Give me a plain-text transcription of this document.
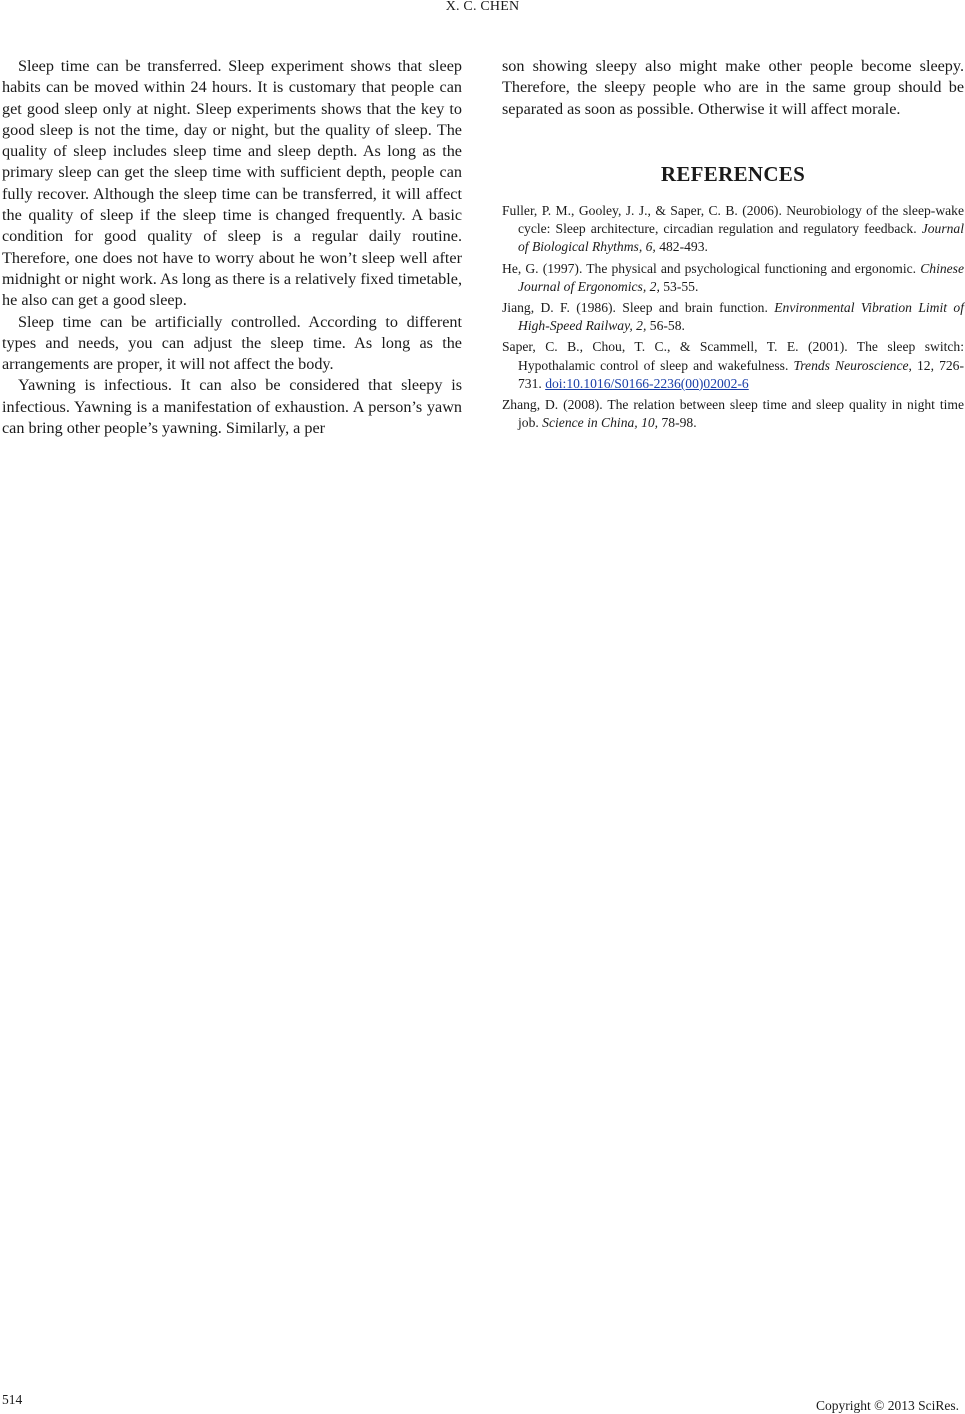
X. C. CHEN

Sleep time can be transferred. Sleep experiment shows that sleep habits can be moved within 24 hours. It is customary that people can get good sleep only at night. Sleep experiments shows that the key to good sleep is not the time, day or night, but the quality of sleep. The quality of sleep includes sleep time and sleep depth. As long as the primary sleep can get the sleep time with sufficient depth, people can fully recover. Although the sleep time can be transferred, it will affect the quality of sleep if the sleep time is changed frequently. A basic condition for good quality of sleep is a regular daily routine. Therefore, one does not have to worry about he won’t sleep well after midnight or night work. As long as there is a relatively fixed timetable, he also can get a good sleep.

Sleep time can be artificially controlled. According to different types and needs, you can adjust the sleep time. As long as the arrangements are proper, it will not affect the body.

Yawning is infectious. It can also be considered that sleepy is infectious. Yawning is a manifestation of exhaustion. A person’s yawn can bring other people’s yawning. Similarly, a per

son showing sleepy also might make other people become sleepy. Therefore, the sleepy people who are in the same group should be separated as soon as possible. Otherwise it will affect morale.

REFERENCES

Fuller, P. M., Gooley, J. J., & Saper, C. B. (2006). Neurobiology of the sleep-wake cycle: Sleep architecture, circadian regulation and regulatory feedback. Journal of Biological Rhythms, 6, 482-493.

He, G. (1997). The physical and psychological functioning and ergonomic. Chinese Journal of Ergonomics, 2, 53-55.

Jiang, D. F. (1986). Sleep and brain function. Environmental Vibration Limit of High-Speed Railway, 2, 56-58.

Saper, C. B., Chou, T. C., & Scammell, T. E. (2001). The sleep switch: Hypothalamic control of sleep and wakefulness. Trends Neuroscience, 12, 726-731. doi:10.1016/S0166-2236(00)02002-6

Zhang, D. (2008). The relation between sleep time and sleep quality in night time job. Science in China, 10, 78-98.

514	Copyright © 2013 SciRes.
